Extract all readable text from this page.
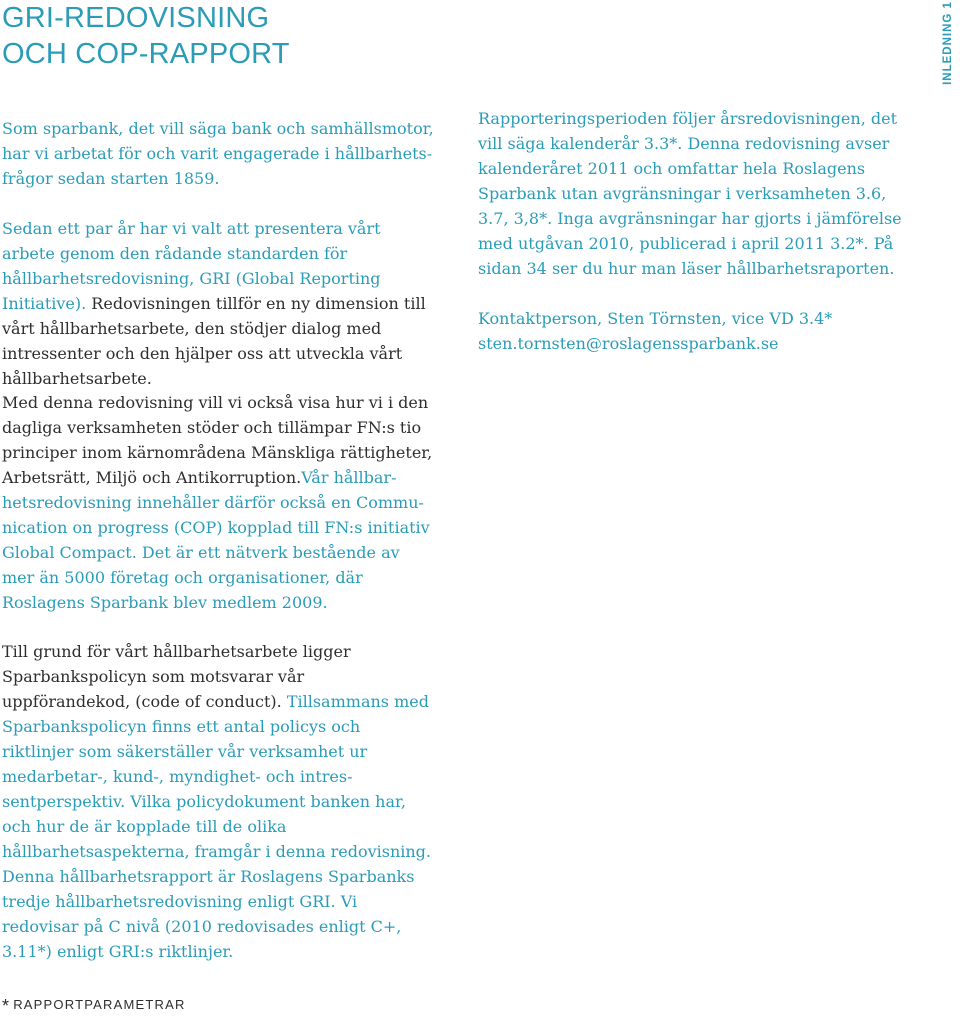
GRI-REDOVISNING
OCH COP-RAPPORT	INLEDNING 1

Som sparbank, det vill säga bank och samhällsmotor, har vi arbetat för och varit engagerade i hållbarhetsfrågor sedan starten 1859.

Sedan ett par år har vi valt att presentera vårt arbete genom den rådande standarden för hållbarhetsredovisning, GRI (Global Reporting Initiative). Redovisningen tillför en ny dimension till vårt hållbarhetsarbete, den stödjer dialog med intressenter och den hjälper oss att utveckla vårt hållbarhetsarbete.

Med denna redovisning vill vi också visa hur vi i den dagliga verksamheten stöder och tillämpar FN:s tio principer inom kärnområdena Mänskliga rättigheter, Arbetsrätt, Miljö och Antikorruption.Vår hållbarhetsredovisning innehåller därför också en Communication on progress (COP) kopplad till FN:s initiativ Global Compact. Det är ett nätverk bestående av mer än 5000 företag och organisationer, där Roslagens Sparbank blev medlem 2009.

Till grund för vårt hållbarhetsarbete ligger Sparbankspolicyn som motsvarar vår uppförandekod, (code of conduct). Tillsammans med Sparbankspolicyn finns ett antal policys och riktlinjer som säkerställer vår verksamhet ur medarbetar-, kund-, myndighet- och intressentperspektiv. Vilka policydokument banken har, och hur de är kopplade till de olika hållbarhetsaspekterna, framgår i denna redovisning. Denna hållbarhetsrapport är Roslagens Sparbanks tredje hållbarhetsredovisning enligt GRI. Vi redovisar på C nivå (2010 redovisades enligt C+, 3.11*) enligt GRI:s riktlinjer.

Rapporteringsperioden följer årsredovisningen, det vill säga kalenderår 3.3*. Denna redovisning avser kalenderåret 2011 och omfattar hela Roslagens Sparbank utan avgränsningar i verksamheten 3.6, 3.7, 3,8*. Inga avgränsningar har gjorts i jämförelse med utgåvan 2010, publicerad i april 2011 3.2*. På sidan 34 ser du hur man läser hållbarhetsraporten.

Kontaktperson, Sten Törnsten, vice VD 3.4*

sten.tornsten@roslagenssparbank.se

* RAPPORTPARAMETRAR
